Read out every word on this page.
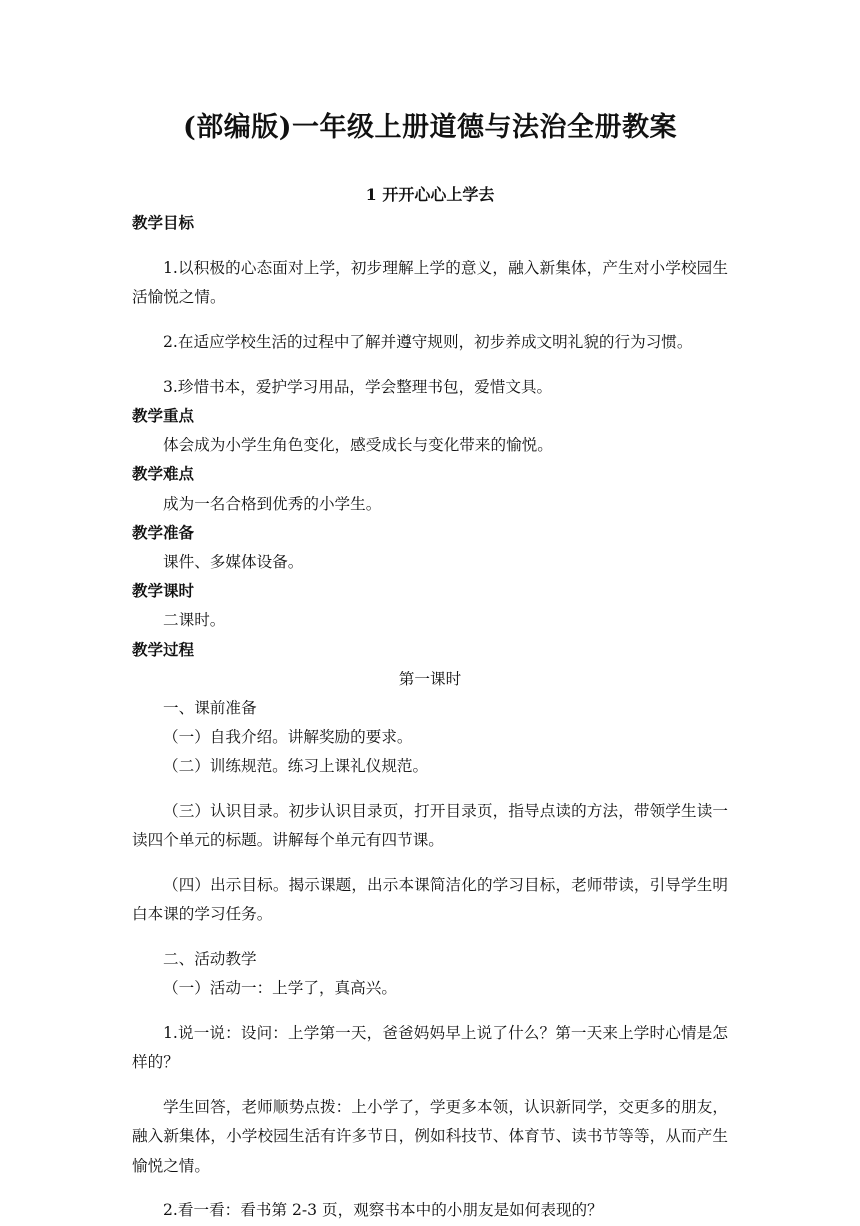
(部编版)一年级上册道德与法治全册教案

1 开开心心上学去

教学目标

1.以积极的心态面对上学，初步理解上学的意义，融入新集体，产生对小学校园生活愉悦之情。

2.在适应学校生活的过程中了解并遵守规则，初步养成文明礼貌的行为习惯。

3.珍惜书本，爱护学习用品，学会整理书包，爱惜文具。

教学重点

体会成为小学生角色变化，感受成长与变化带来的愉悦。

教学难点

成为一名合格到优秀的小学生。

教学准备

课件、多媒体设备。

教学课时

二课时。

教学过程

第一课时

一、课前准备

（一）自我介绍。讲解奖励的要求。

（二）训练规范。练习上课礼仪规范。

（三）认识目录。初步认识目录页，打开目录页，指导点读的方法，带领学生读一读四个单元的标题。讲解每个单元有四节课。

（四）出示目标。揭示课题，出示本课简洁化的学习目标，老师带读，引导学生明白本课的学习任务。

二、活动教学

（一）活动一：上学了，真高兴。

1.说一说：设问：上学第一天，爸爸妈妈早上说了什么？第一天来上学时心情是怎样的？

学生回答，老师顺势点拨：上小学了，学更多本领，认识新同学，交更多的朋友，融入新集体，小学校园生活有许多节日，例如科技节、体育节、读书节等等，从而产生愉悦之情。

2.看一看：看书第 2-3 页，观察书本中的小朋友是如何表现的？
